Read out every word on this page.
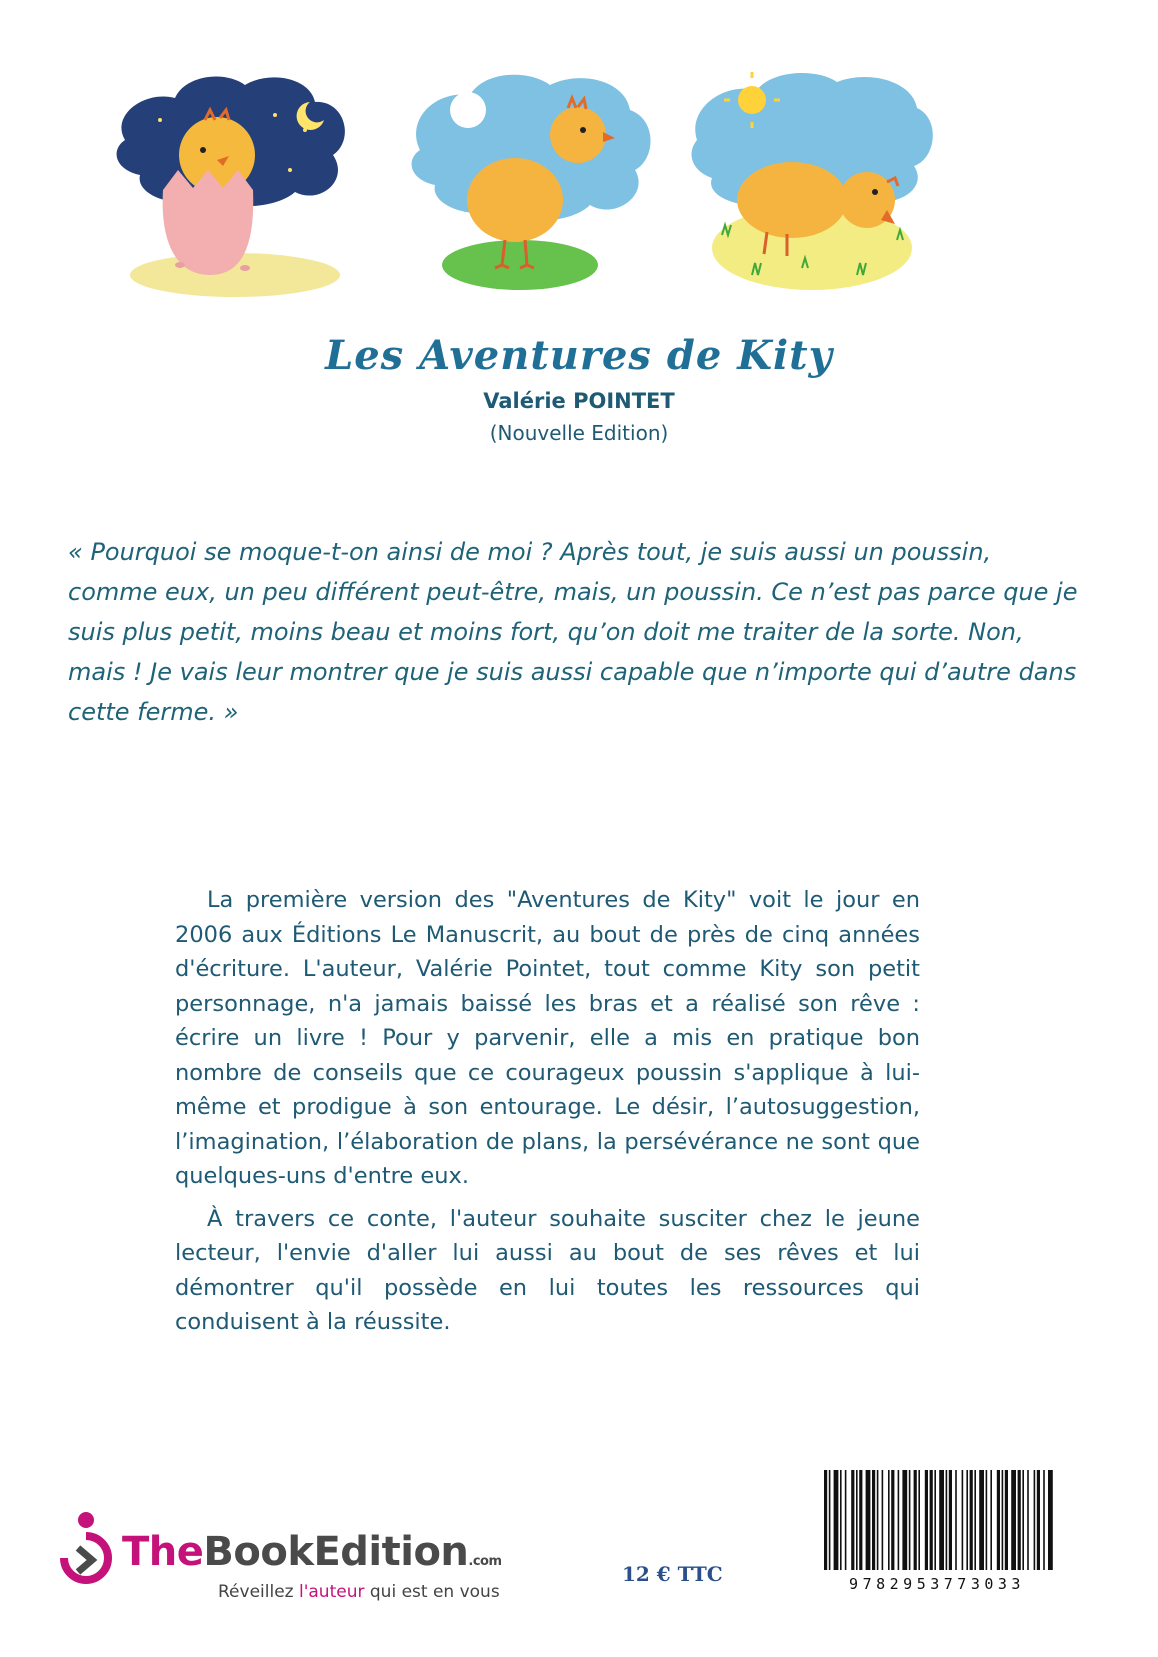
Les Aventures de Kity
Valérie POINTET
(Nouvelle Edition)
« Pourquoi se moque-t-on ainsi de moi ? Après tout, je suis aussi un poussin, comme eux, un peu différent peut-être, mais, un poussin. Ce n’est pas parce que je suis plus petit, moins beau et moins fort, qu’on doit me traiter de la sorte. Non, mais ! Je vais leur montrer que je suis aussi capable que n’importe qui d’autre dans cette ferme. »

La première version des "Aventures de Kity" voit le jour en 2006 aux Éditions Le Manuscrit, au bout de près de cinq années d'écriture. L'auteur, Valérie Pointet, tout comme Kity son petit personnage, n'a jamais baissé les bras et a réalisé son rêve : écrire un livre ! Pour y parvenir, elle a mis en pratique bon nombre de conseils que ce courageux poussin s'applique à lui-même et prodigue à son entourage. Le désir, l’autosuggestion, l’imagination, l’élaboration de plans, la persévérance ne sont que quelques-uns d'entre eux.

À travers ce conte, l'auteur souhaite susciter chez le jeune lecteur, l'envie d'aller lui aussi au bout de ses rêves et lui démontrer qu'il possède en lui toutes les ressources qui conduisent à la réussite.

TheBookEdition.com
Réveillez l'auteur qui est en vous
12 € TTC	9782953773033
